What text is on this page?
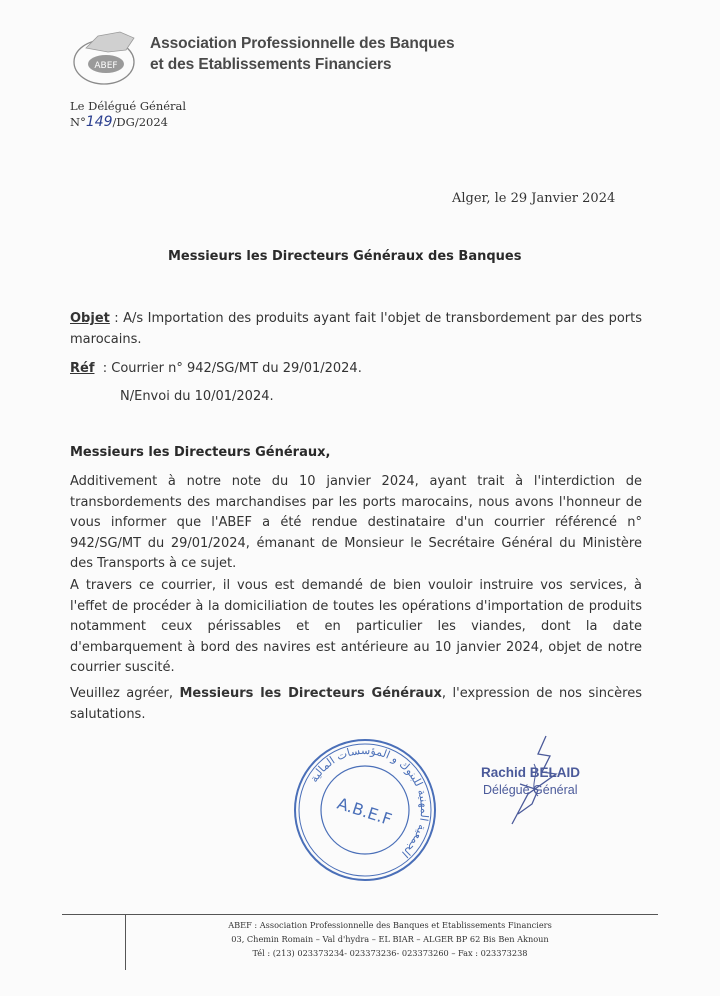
ABEF
Association Professionnelle des Banques
et des Etablissements Financiers
Le Délégué Général
N°149/DG/2024
Alger, le 29 Janvier 2024
Messieurs les Directeurs Généraux des Banques
Objet : A/s Importation des produits ayant fait l'objet de transbordement par des ports marocains.
Réf  : Courrier n° 942/SG/MT du 29/01/2024.
N/Envoi du 10/01/2024.
Messieurs les Directeurs Généraux,
Additivement à notre note du 10 janvier 2024, ayant trait à l'interdiction de transbordements des marchandises par les ports marocains, nous avons l'honneur de vous informer que l'ABEF a été rendue destinataire d'un courrier référencé n° 942/SG/MT du 29/01/2024, émanant de Monsieur le Secrétaire Général du Ministère des Transports à ce sujet.
A travers ce courrier, il vous est demandé de bien vouloir instruire vos services, à l'effet de procéder à la domiciliation de toutes les opérations d'importation de produits notamment ceux périssables et en particulier les viandes, dont la date d'embarquement à bord des navires est antérieure au 10 janvier 2024, objet de notre courrier suscité.
Veuillez agréer, Messieurs les Directeurs Généraux, l'expression de nos sincères salutations.
الجمعية المهنية للبنوك و المؤسسات المالية
A.B.E.F
Rachid BELAID
Délégué Général
ABEF : Association Professionnelle des Banques et Etablissements Financiers
03, Chemin Romain – Val d'hydra – EL BIAR – ALGER BP 62 Bis Ben Aknoun
Tél : (213) 023373234- 023373236- 023373260 – Fax : 023373238
